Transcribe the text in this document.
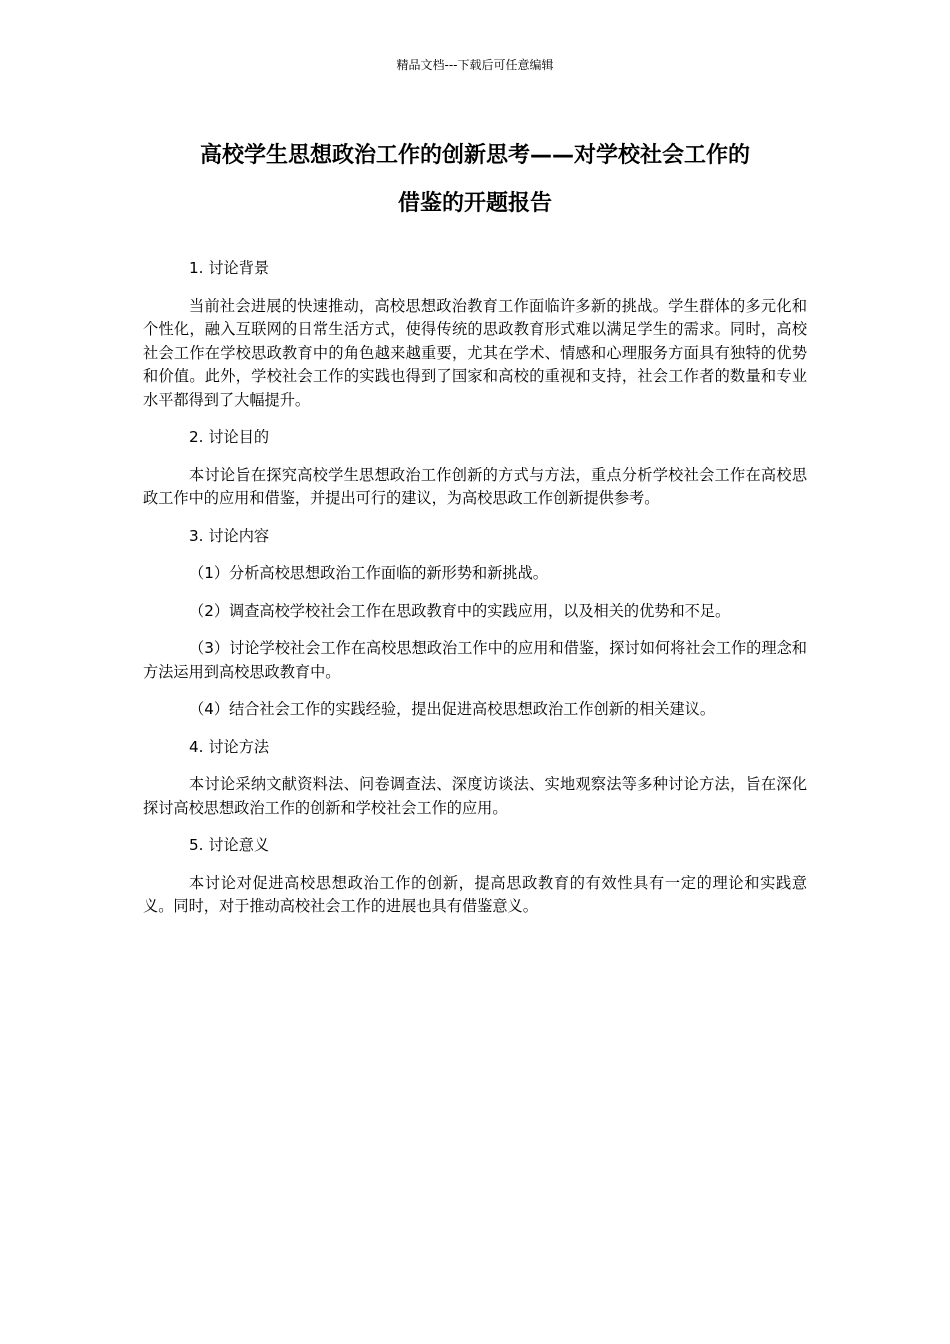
精品文档---下载后可任意编辑
高校学生思想政治工作的创新思考——对学校社会工作的
借鉴的开题报告

1. 讨论背景

当前社会进展的快速推动，高校思想政治教育工作面临许多新的挑战。学生群体的多元化和个性化，融入互联网的日常生活方式，使得传统的思政教育形式难以满足学生的需求。同时，高校社会工作在学校思政教育中的角色越来越重要，尤其在学术、情感和心理服务方面具有独特的优势和价值。此外，学校社会工作的实践也得到了国家和高校的重视和支持，社会工作者的数量和专业水平都得到了大幅提升。

2. 讨论目的

本讨论旨在探究高校学生思想政治工作创新的方式与方法，重点分析学校社会工作在高校思政工作中的应用和借鉴，并提出可行的建议，为高校思政工作创新提供参考。

3. 讨论内容

（1）分析高校思想政治工作面临的新形势和新挑战。

（2）调查高校学校社会工作在思政教育中的实践应用，以及相关的优势和不足。

（3）讨论学校社会工作在高校思想政治工作中的应用和借鉴，探讨如何将社会工作的理念和方法运用到高校思政教育中。

（4）结合社会工作的实践经验，提出促进高校思想政治工作创新的相关建议。

4. 讨论方法

本讨论采纳文献资料法、问卷调查法、深度访谈法、实地观察法等多种讨论方法，旨在深化探讨高校思想政治工作的创新和学校社会工作的应用。

5. 讨论意义

本讨论对促进高校思想政治工作的创新，提高思政教育的有效性具有一定的理论和实践意义。同时，对于推动高校社会工作的进展也具有借鉴意义。
